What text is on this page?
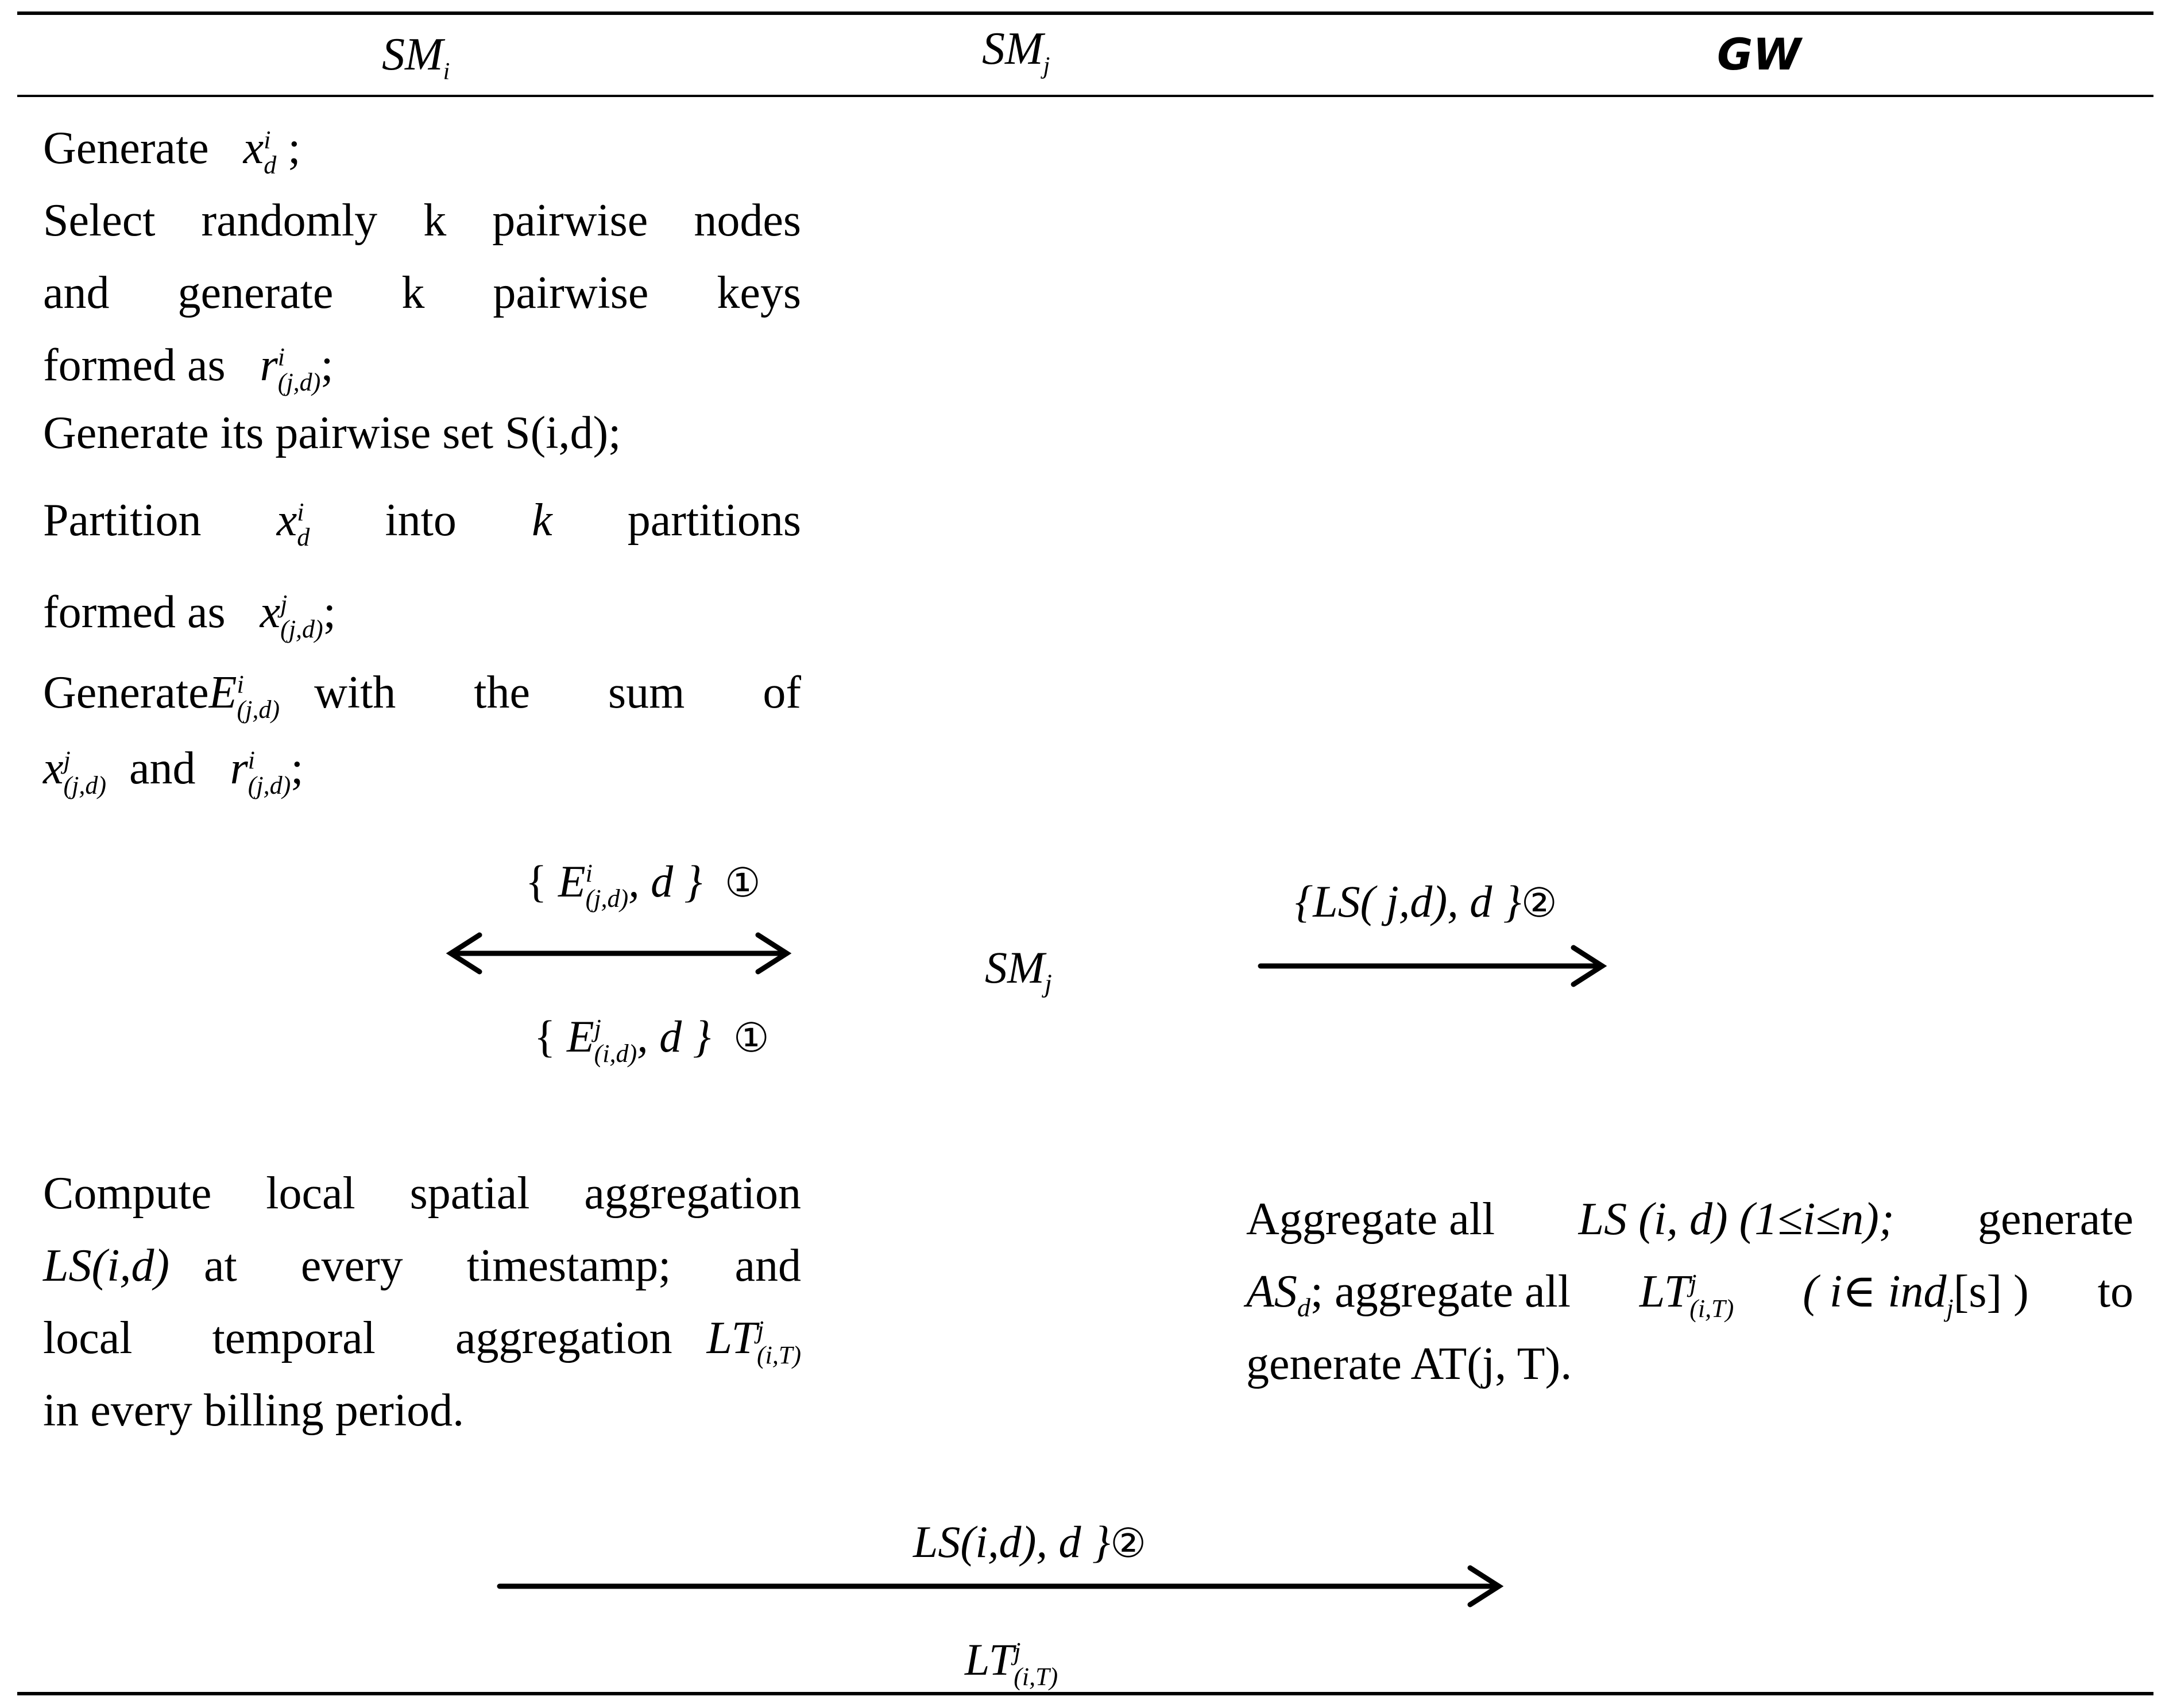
$SM_i$	$SM_j$	GW
Generate x i
d ;
Select randomly k pairwise nodes
and generate k pairwise keys
formed as r i
(j,d) ;
Generate its pairwise set S(i,d);
Partition x i
d into k partitions
formed as x j
(j,d) ;
Generate E i
(j,d) with the sum of
x j
(j,d) and r i
(j,d) ;
{ E i
(j,d) , d } ①
{ E j
(i,d) , d } ①
$SM_j$
{LS( j,d), d }②
LS(i,d), d }②
LT j
(i,T)
Compute local spatial aggregation
LS(i,d) at every timestamp; and
local temporal aggregation LT j
(i,T)
in every billing period.
Aggregate all LS (i, d) (1≤i≤n); generate
$AS_d$; aggregate all LT j
(i,T) ( i∈ ind$_j$[s] ) to
generate AT(j, T).
